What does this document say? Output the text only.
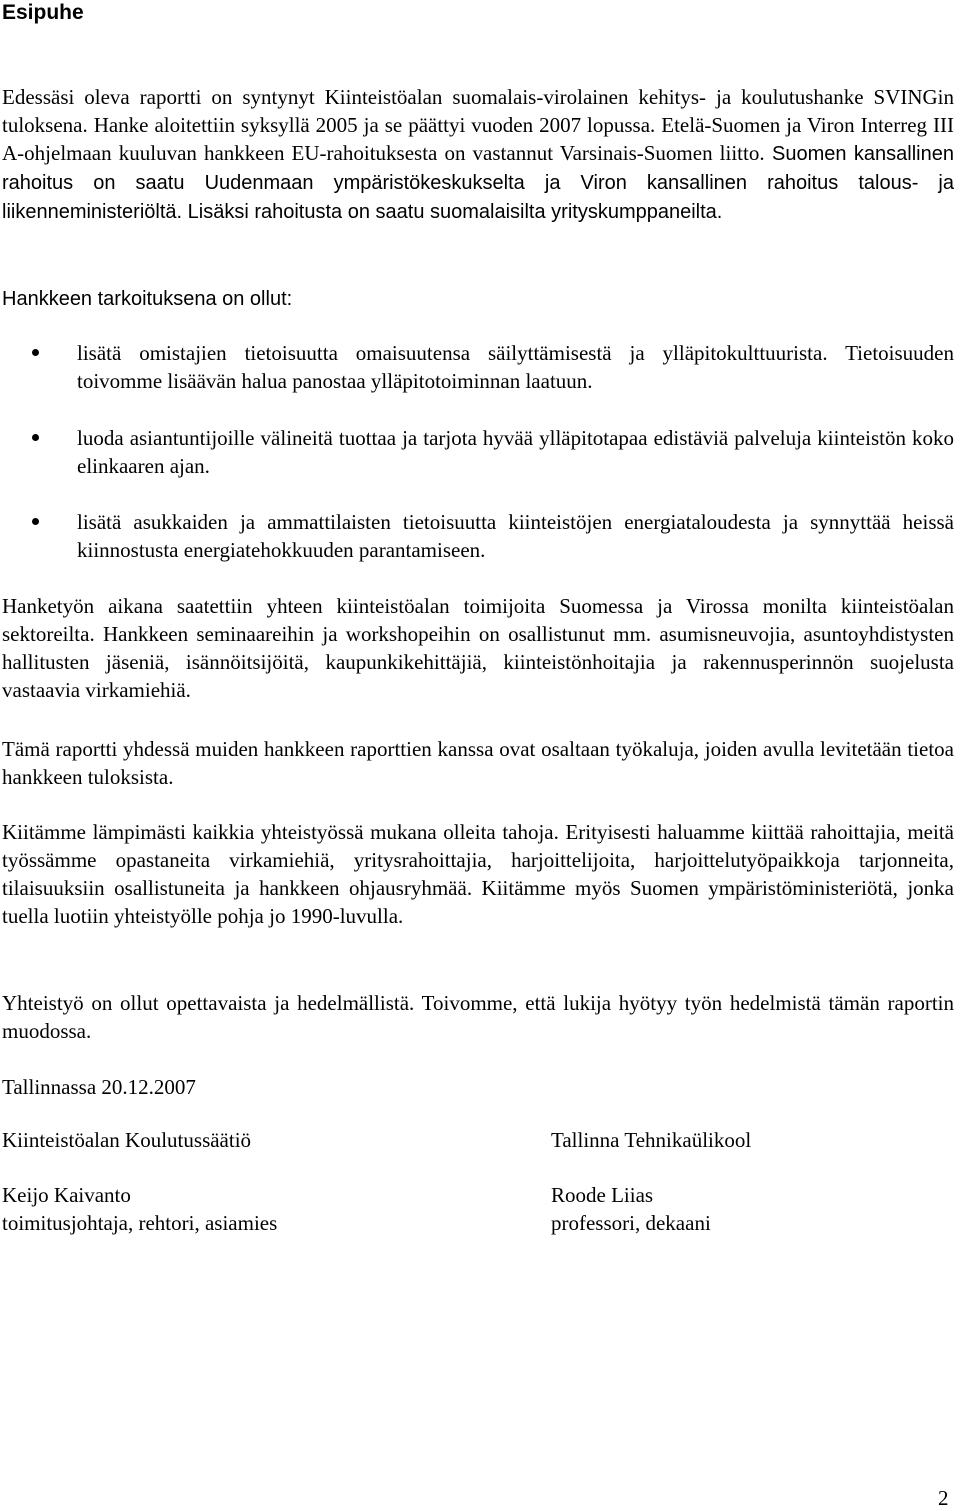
Esipuhe

Edessäsi oleva raportti on syntynyt Kiinteistöalan suomalais-virolainen kehitys- ja koulutushanke SVINGin tuloksena. Hanke aloitettiin syksyllä 2005 ja se päättyi vuoden 2007 lopussa. Etelä-Suomen ja Viron Interreg III A-ohjelmaan kuuluvan hankkeen EU-rahoituksesta on vastannut Varsinais-Suomen liitto. Suomen kansallinen rahoitus on saatu Uudenmaan ympäristökeskukselta ja Viron kansallinen rahoitus talous- ja liikenneministeriöltä. Lisäksi rahoitusta on saatu suomalaisilta yrityskumppaneilta.

Hankkeen tarkoituksena on ollut:

lisätä omistajien tietoisuutta omaisuutensa säilyttämisestä ja ylläpitokulttuurista. Tietoisuuden toivomme lisäävän halua panostaa ylläpitotoiminnan laatuun.

luoda asiantuntijoille välineitä tuottaa ja tarjota hyvää ylläpitotapaa edistäviä palveluja kiinteistön koko elinkaaren ajan.

lisätä asukkaiden ja ammattilaisten tietoisuutta kiinteistöjen energiataloudesta ja synnyttää heissä kiinnostusta energiatehokkuuden parantamiseen.

Hanketyön aikana saatettiin yhteen kiinteistöalan toimijoita Suomessa ja Virossa monilta kiinteistöalan sektoreilta. Hankkeen seminaareihin ja workshopeihin on osallistunut mm. asumisneuvojia, asuntoyhdistysten hallitusten jäseniä, isännöitsijöitä, kaupunkikehittäjiä, kiinteistönhoitajia ja rakennusperinnön suojelusta vastaavia virkamiehiä.

Tämä raportti yhdessä muiden hankkeen raporttien kanssa ovat osaltaan työkaluja, joiden avulla levitetään tietoa hankkeen tuloksista.

Kiitämme lämpimästi kaikkia yhteistyössä mukana olleita tahoja. Erityisesti haluamme kiittää rahoittajia, meitä työssämme opastaneita virkamiehiä, yritysrahoittajia, harjoittelijoita, harjoittelutyöpaikkoja tarjonneita, tilaisuuksiin osallistuneita ja hankkeen ohjausryhmää. Kiitämme myös Suomen ympäristöministeriötä, jonka tuella luotiin yhteistyölle pohja jo 1990-luvulla.

Yhteistyö on ollut opettavaista ja hedelmällistä. Toivomme, että lukija hyötyy työn hedelmistä tämän raportin muodossa.

Tallinnassa 20.12.2007

Kiinteistöalan Koulutussäätiö

Keijo Kaivanto

toimitusjohtaja, rehtori, asiamies

Tallinna Tehnikaülikool

Roode Liias

professori, dekaani

2
